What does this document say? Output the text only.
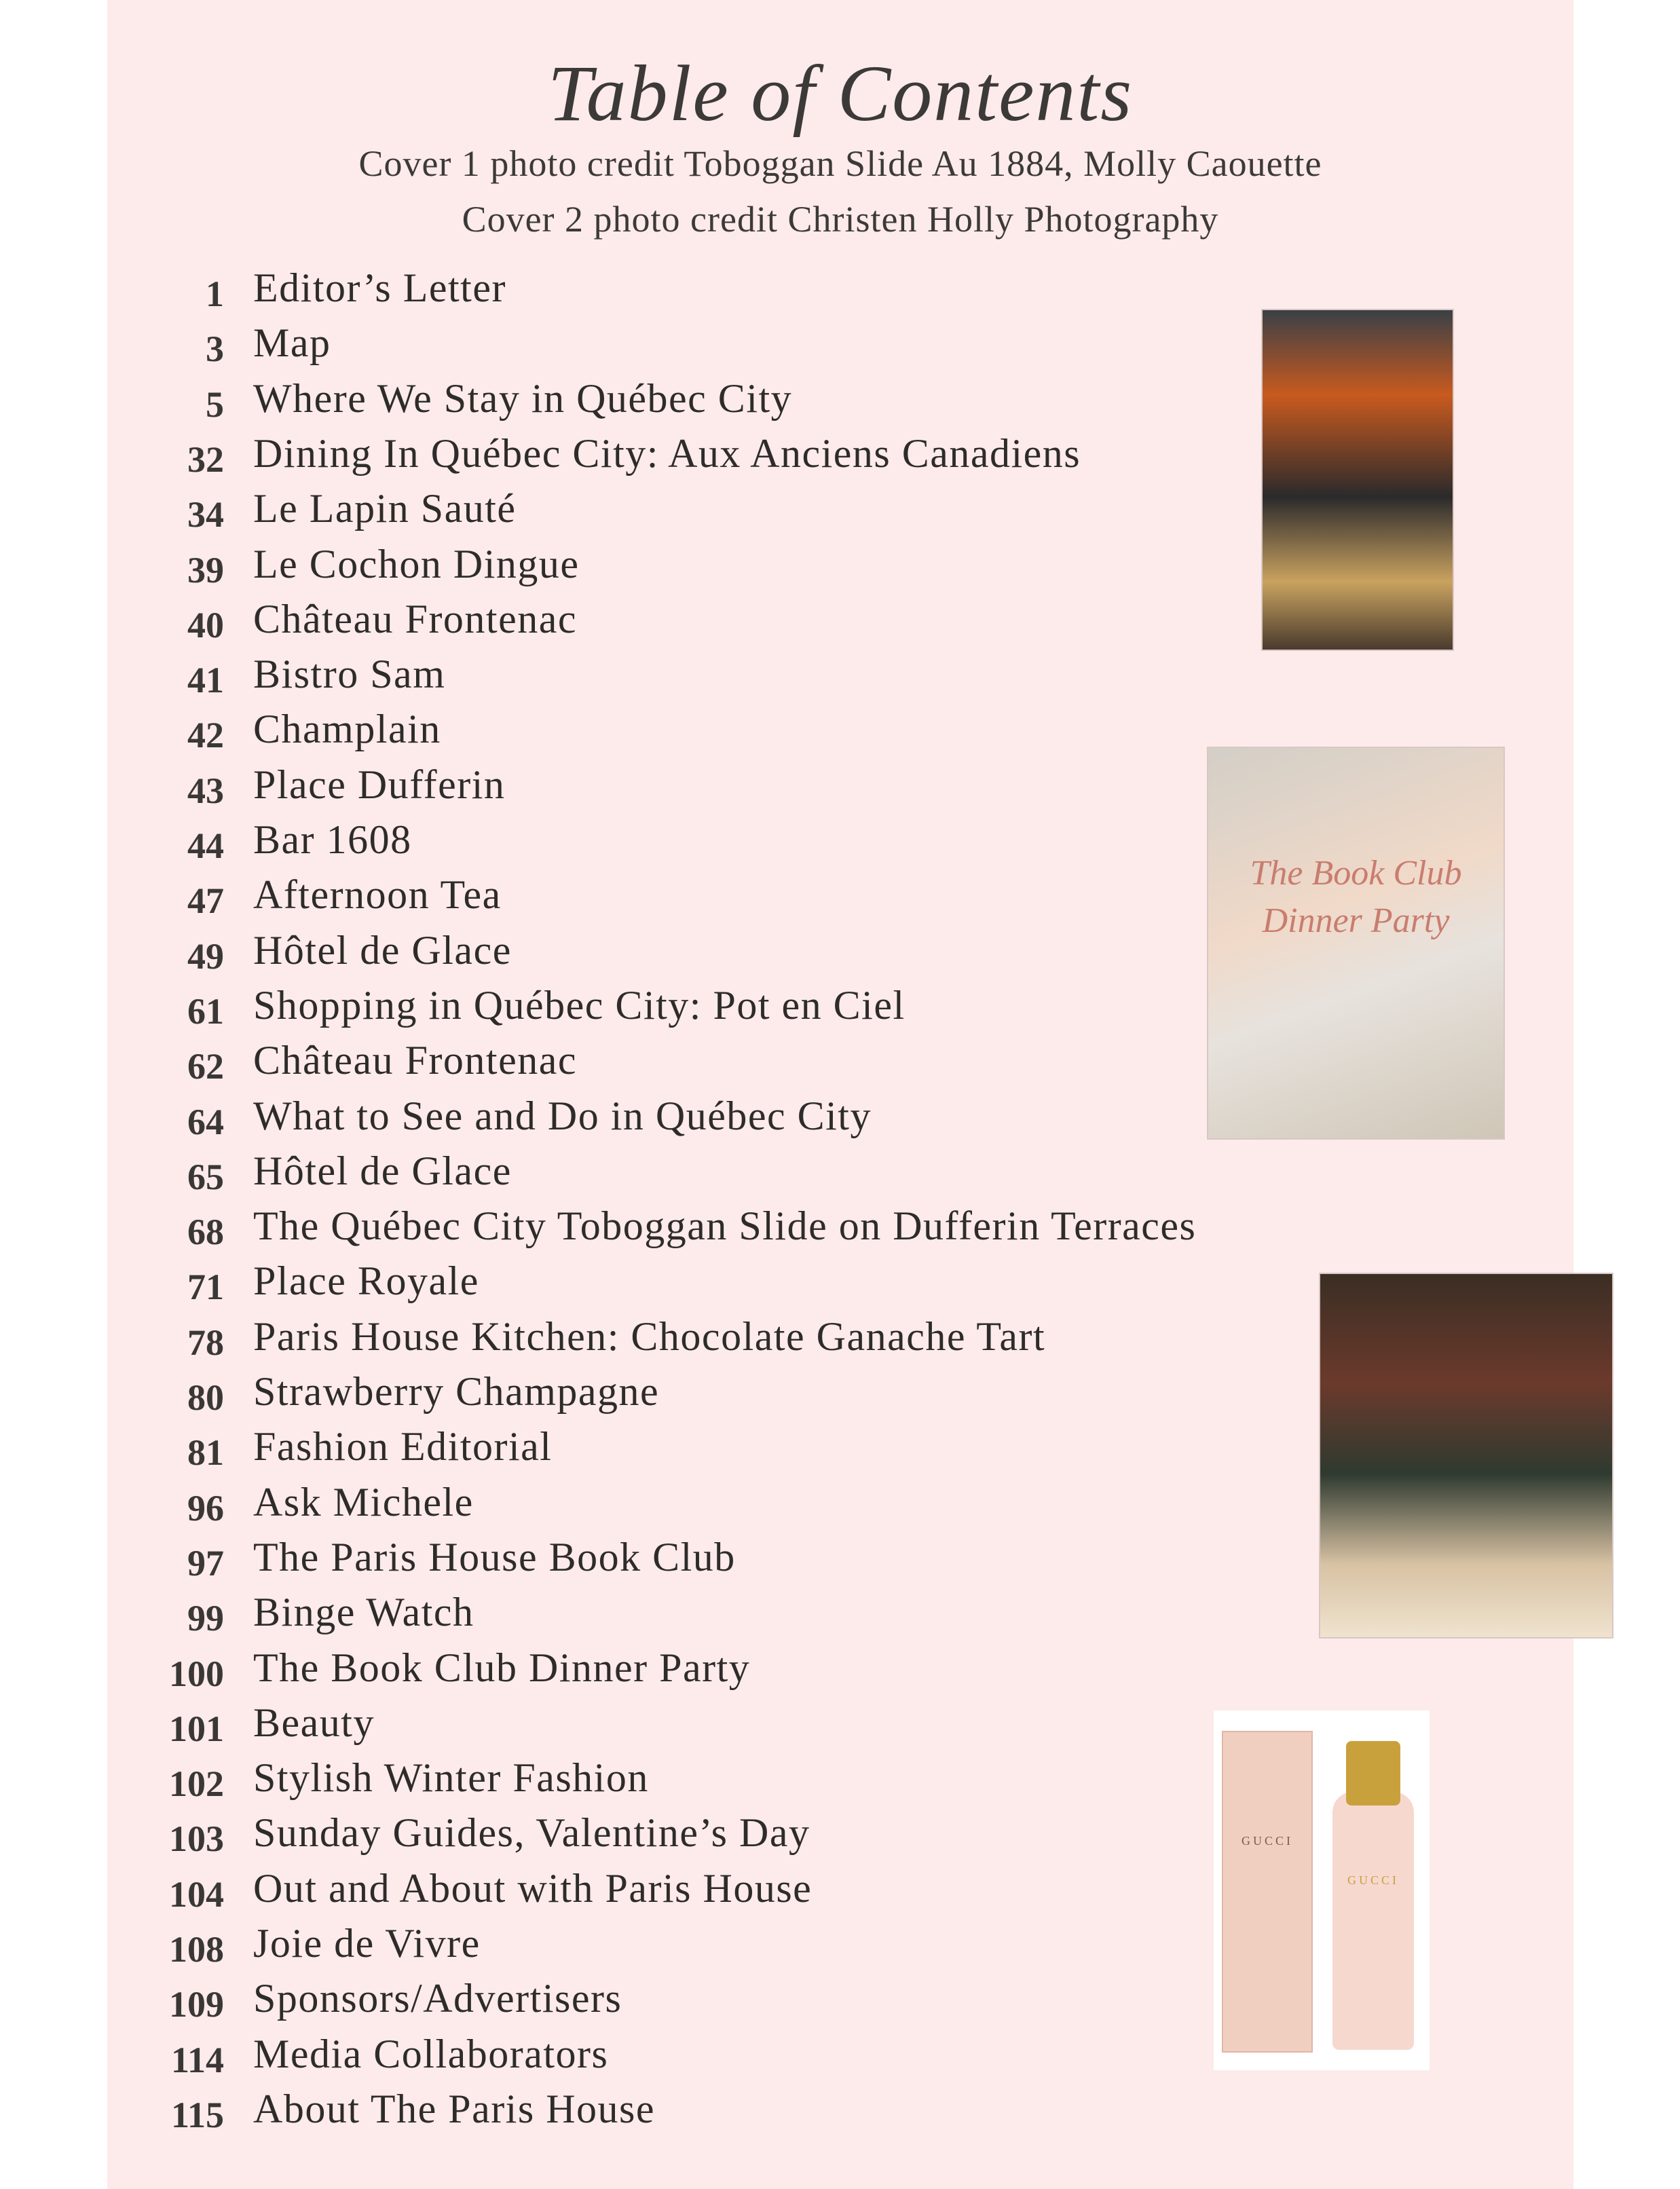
Table of Contents
Cover 1 photo credit Toboggan Slide Au 1884, Molly Caouette
Cover 2 photo credit Christen Holly Photography
1 Editor’s Letter
3 Map
5 Where We Stay in Québec City
32 Dining In Québec City: Aux Anciens Canadiens
34 Le Lapin Sauté
39 Le Cochon Dingue
40 Château Frontenac
41 Bistro Sam
42 Champlain
43 Place Dufferin
44 Bar 1608
47 Afternoon Tea
49 Hôtel de Glace
61 Shopping in Québec City: Pot en Ciel
62 Château Frontenac
64 What to See and Do in Québec City
65 Hôtel de Glace
68 The Québec City Toboggan Slide on Dufferin Terraces
71 Place Royale
78 Paris House Kitchen: Chocolate Ganache Tart
80 Strawberry Champagne
81 Fashion Editorial
96 Ask Michele
97 The Paris House Book Club
99 Binge Watch
100 The Book Club Dinner Party
101 Beauty
102 Stylish Winter Fashion
103 Sunday Guides, Valentine’s Day
104 Out and About with Paris House
108 Joie de Vivre
109 Sponsors/Advertisers
114 Media Collaborators
115 About The Paris House
The Book Club Dinner Party
GUCCI
GUCCI
